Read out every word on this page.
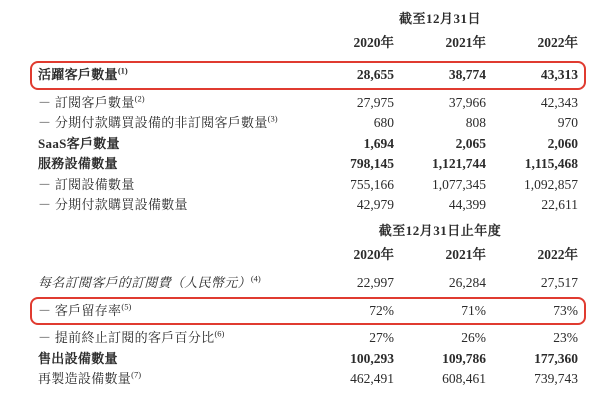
截至12月31日
2020年	2021年	2022年
活躍客戶數量$^{(1)}$	28,655	38,774	43,313
－ 訂閱客戶數量$^{(2)}$	27,975	37,966	42,343
－ 分期付款購買設備的非訂閱客戶數量$^{(3)}$	680	808	970
SaaS客戶數量	1,694	2,065	2,060
服務設備數量	798,145	1,121,744	1,115,468
－ 訂閱設備數量	755,166	1,077,345	1,092,857
－ 分期付款購買設備數量	42,979	44,399	22,611
截至12月31日止年度
2020年	2021年	2022年
每名訂閱客戶的訂閱費（人民幣元）$^{(4)}$	22,997	26,284	27,517
－ 客戶留存率$^{(5)}$	72%	71%	73%
－ 提前終止訂閱的客戶百分比$^{(6)}$	27%	26%	23%
售出設備數量	100,293	109,786	177,360
再製造設備數量$^{(7)}$	462,491	608,461	739,743
